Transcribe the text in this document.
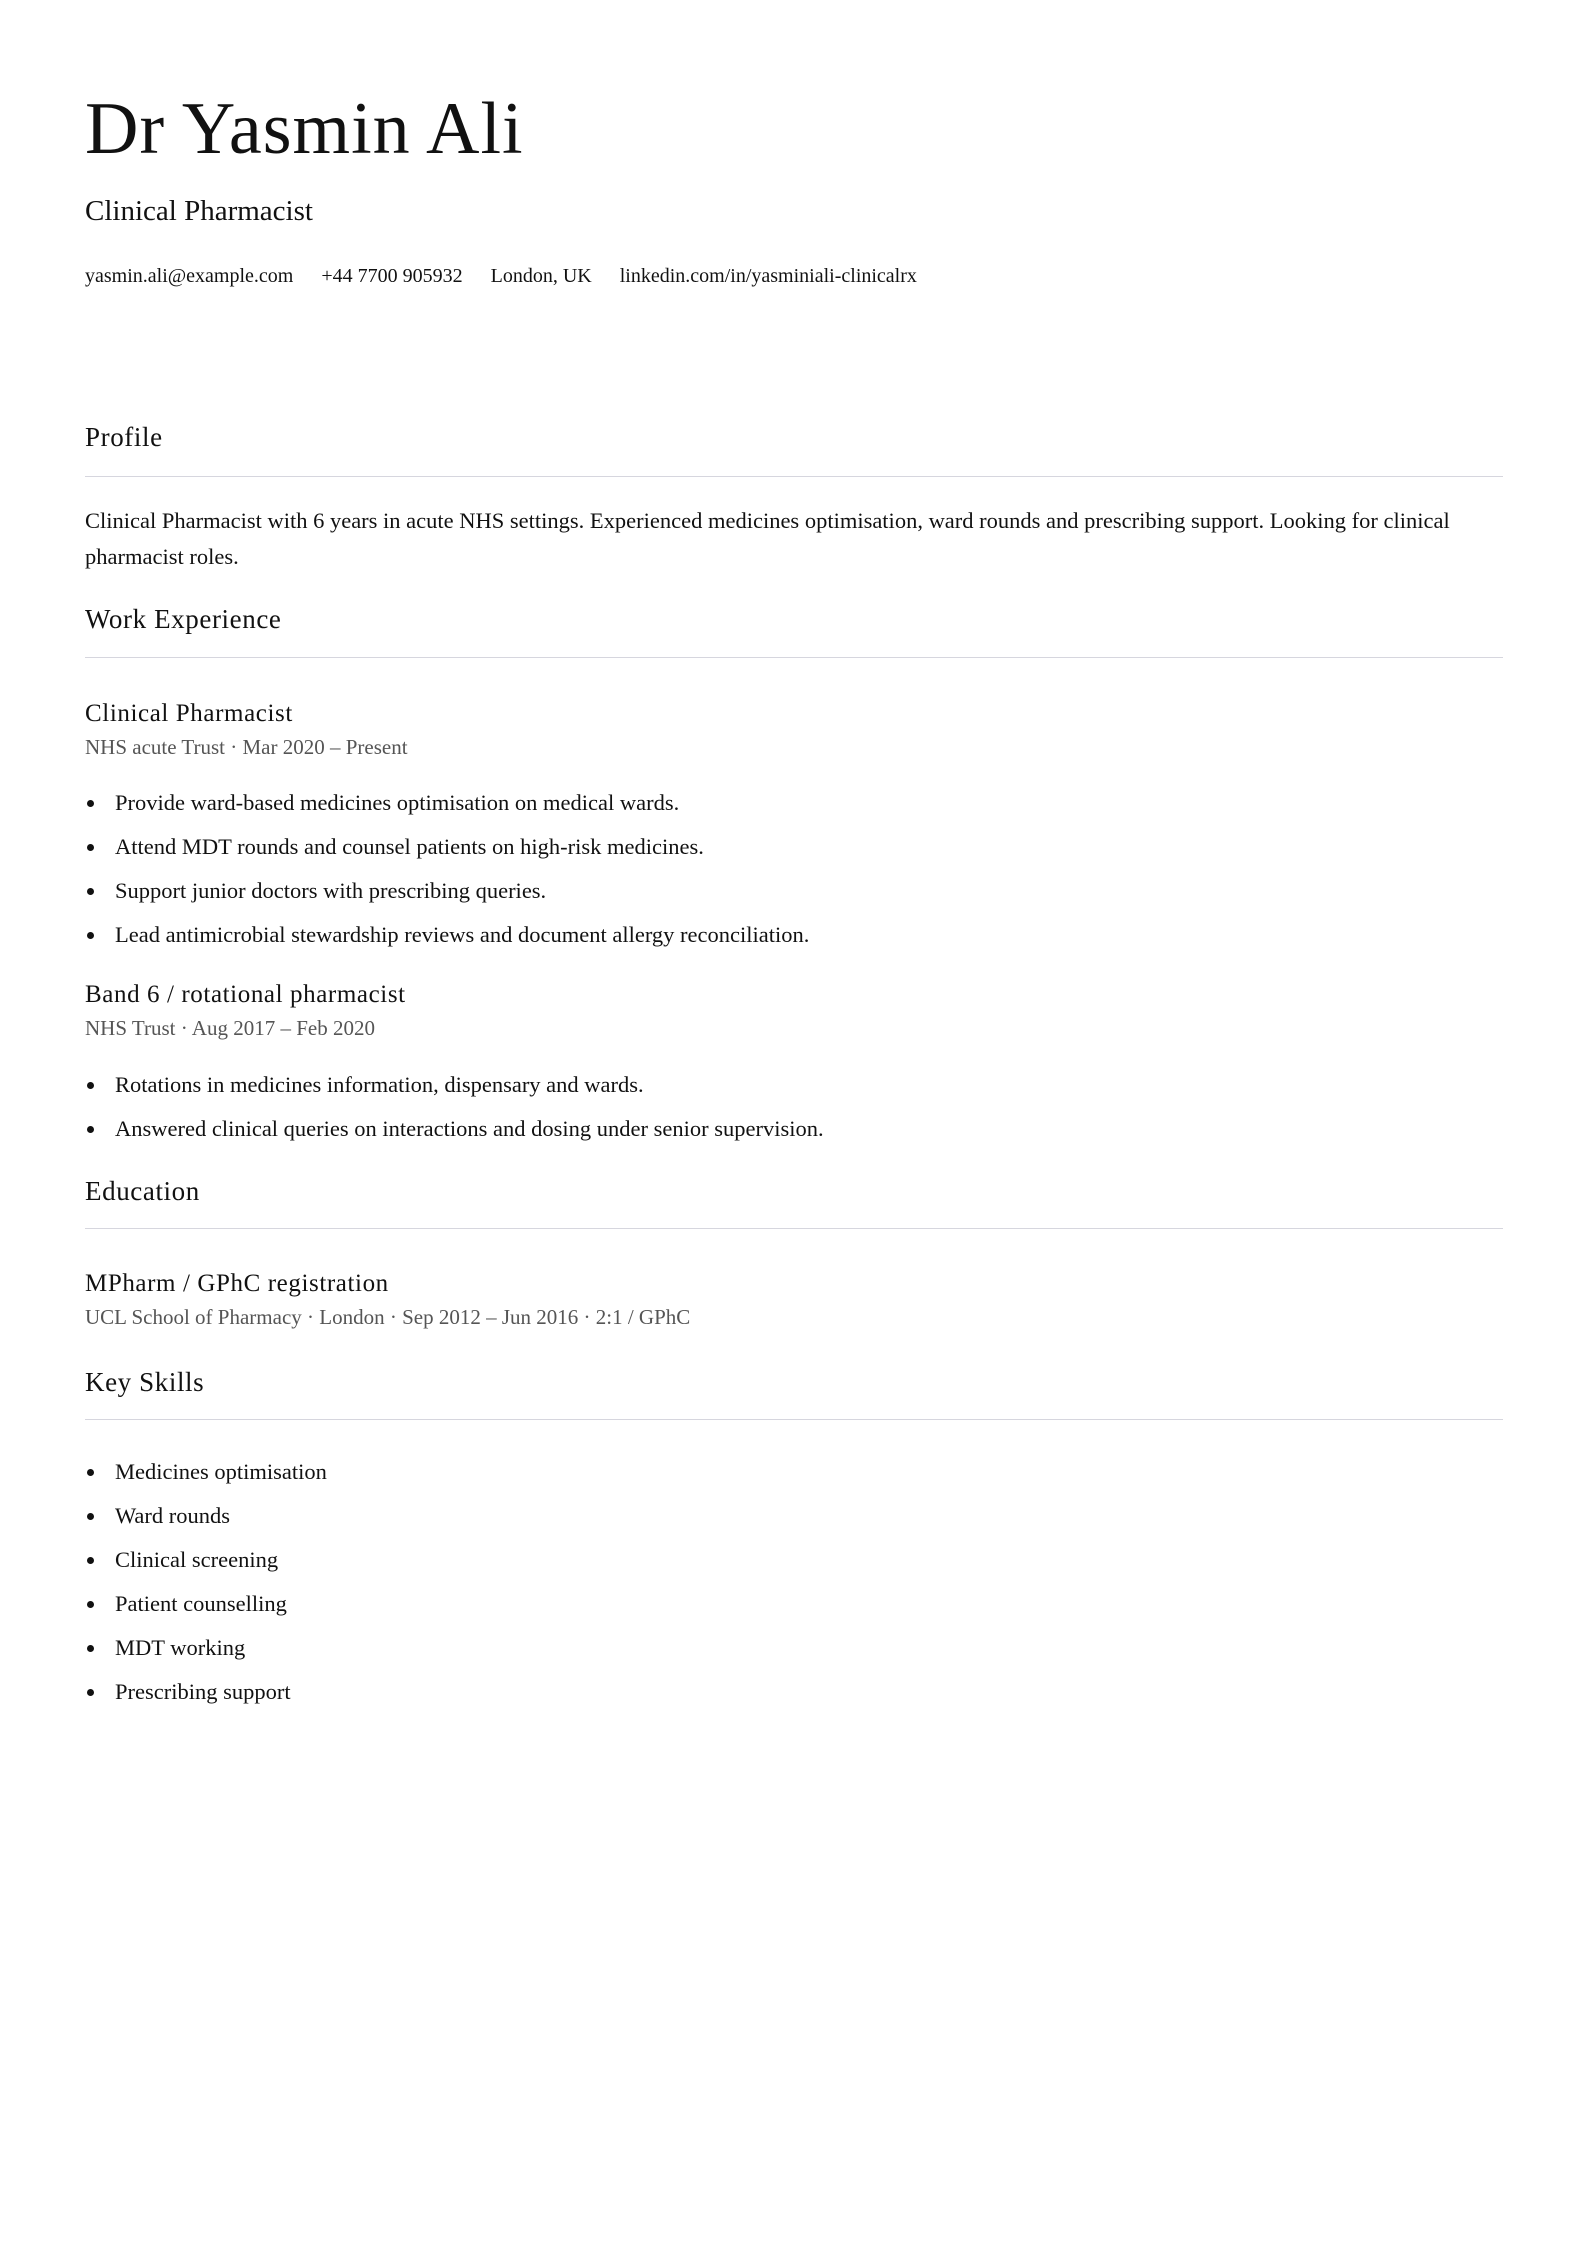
Dr Yasmin Ali
Clinical Pharmacist
yasmin.ali@example.com +44 7700 905932 London, UK linkedin.com/in/yasminiali-clinicalrx
Profile
Clinical Pharmacist with 6 years in acute NHS settings. Experienced medicines optimisation, ward rounds and prescribing support. Looking for clinical pharmacist roles.
Work Experience
Clinical Pharmacist
NHS acute Trust · Mar 2020 – Present
Provide ward-based medicines optimisation on medical wards.
Attend MDT rounds and counsel patients on high-risk medicines.
Support junior doctors with prescribing queries.
Lead antimicrobial stewardship reviews and document allergy reconciliation.
Band 6 / rotational pharmacist
NHS Trust · Aug 2017 – Feb 2020
Rotations in medicines information, dispensary and wards.
Answered clinical queries on interactions and dosing under senior supervision.
Education
MPharm / GPhC registration
UCL School of Pharmacy · London · Sep 2012 – Jun 2016 · 2:1 / GPhC
Key Skills
Medicines optimisation
Ward rounds
Clinical screening
Patient counselling
MDT working
Prescribing support
